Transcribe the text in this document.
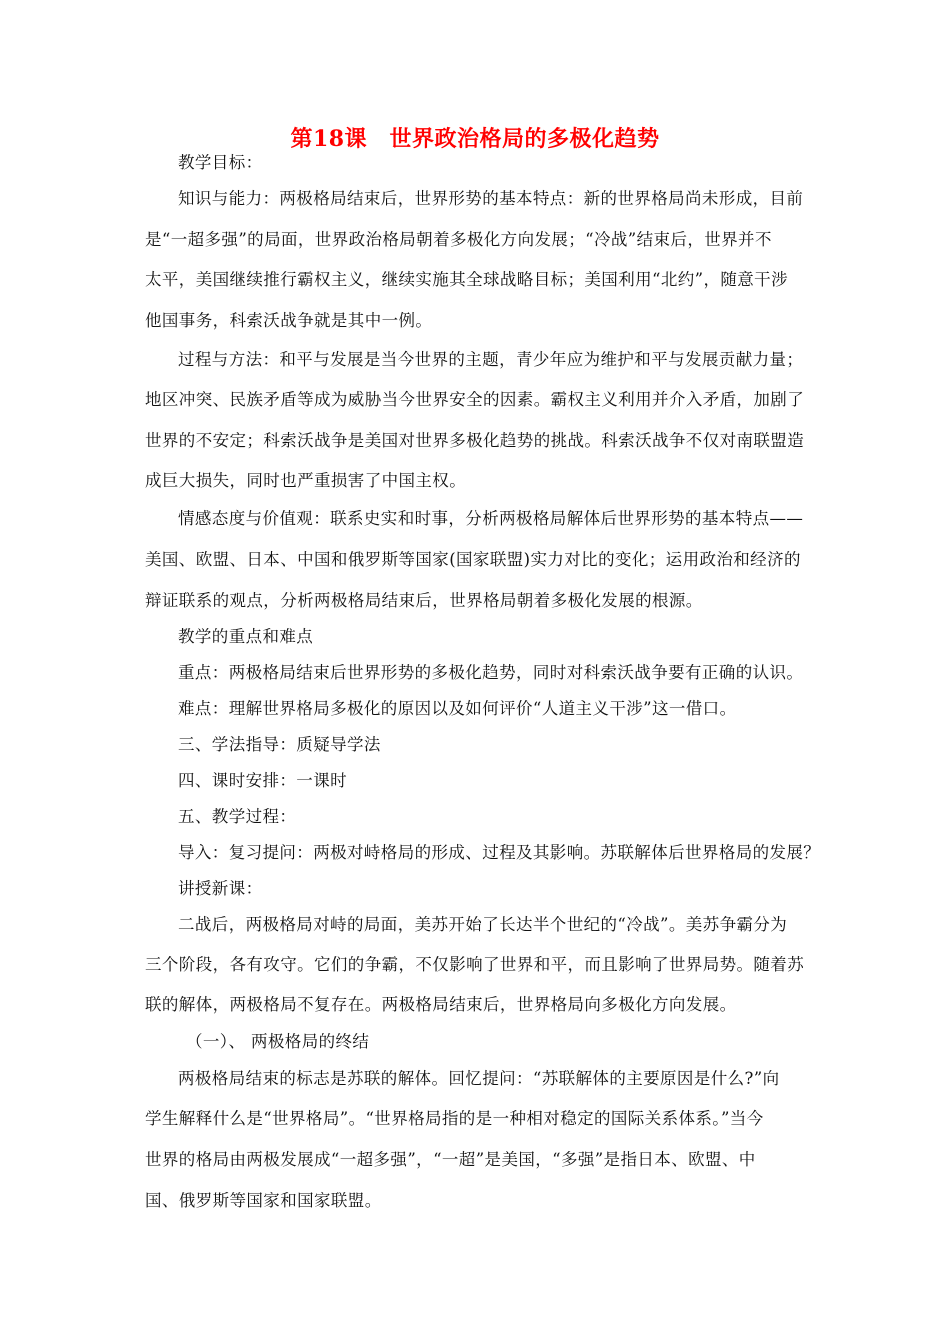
第18课　世界政治格局的多极化趋势
教学目标：
知识与能力：两极格局结束后，世界形势的基本特点：新的世界格局尚未形成，目前
是“一超多强”的局面，世界政治格局朝着多极化方向发展；“冷战”结束后，世界并不
太平，美国继续推行霸权主义，继续实施其全球战略目标；美国利用“北约”，随意干涉
他国事务，科索沃战争就是其中一例。
过程与方法：和平与发展是当今世界的主题，青少年应为维护和平与发展贡献力量；
地区冲突、民族矛盾等成为威胁当今世界安全的因素。霸权主义利用并介入矛盾，加剧了
世界的不安定；科索沃战争是美国对世界多极化趋势的挑战。科索沃战争不仅对南联盟造
成巨大损失，同时也严重损害了中国主权。
情感态度与价值观：联系史实和时事，分析两极格局解体后世界形势的基本特点——
美国、欧盟、日本、中国和俄罗斯等国家(国家联盟)实力对比的变化；运用政治和经济的
辩证联系的观点，分析两极格局结束后，世界格局朝着多极化发展的根源。
教学的重点和难点
重点：两极格局结束后世界形势的多极化趋势，同时对科索沃战争要有正确的认识。
难点：理解世界格局多极化的原因以及如何评价“人道主义干涉”这一借口。
三、学法指导：质疑导学法
四、课时安排：一课时
五、教学过程：
导入：复习提问：两极对峙格局的形成、过程及其影响。苏联解体后世界格局的发展？
讲授新课：
二战后，两极格局对峙的局面，美苏开始了长达半个世纪的“冷战”。美苏争霸分为
三个阶段，各有攻守。它们的争霸，不仅影响了世界和平，而且影响了世界局势。随着苏
联的解体，两极格局不复存在。两极格局结束后，世界格局向多极化方向发展。
（一）、 两极格局的终结
两极格局结束的标志是苏联的解体。回忆提问：“苏联解体的主要原因是什么?”向
学生解释什么是“世界格局”。“世界格局指的是一种相对稳定的国际关系体系。”当今
世界的格局由两极发展成“一超多强”，“一超”是美国，“多强”是指日本、欧盟、中
国、俄罗斯等国家和国家联盟。
